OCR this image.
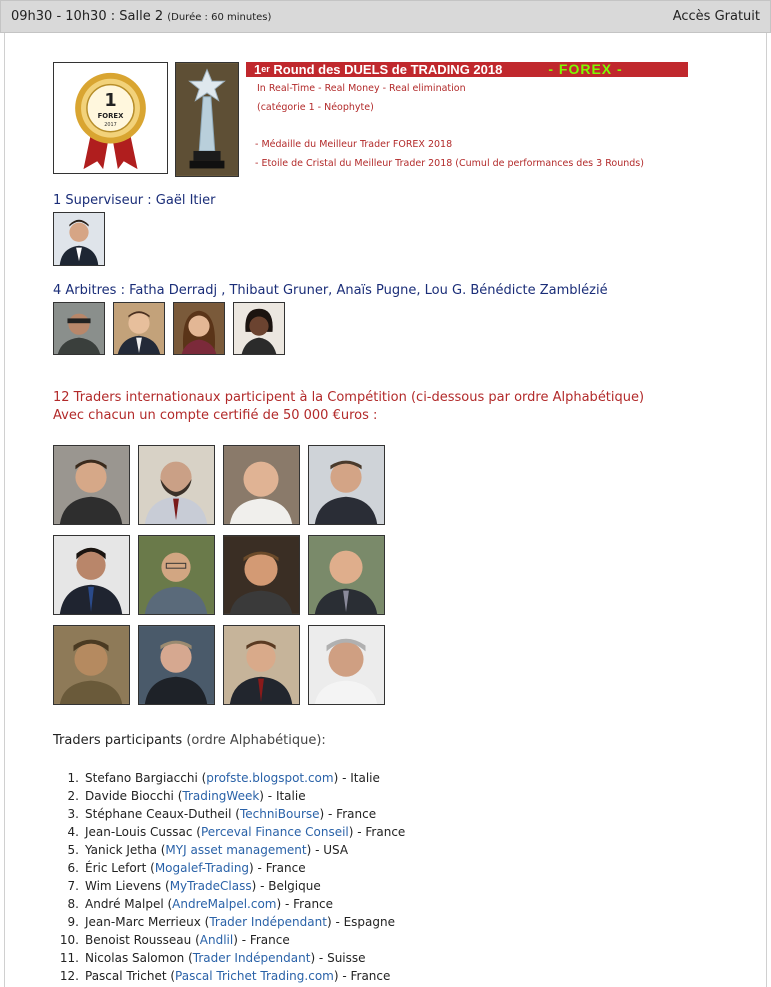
09h30 - 10h30 : Salle 2 (Durée : 60 minutes)	Accès Gratuit
1
FOREX
2017
1er Round des DUELS de TRADING 2018	- FOREX -
In Real-Time - Real Money - Real elimination
(catégorie 1 - Néophyte)
- Médaille du Meilleur Trader FOREX 2018
- Etoile de Cristal du Meilleur Trader 2018 (Cumul de performances des 3 Rounds)
1 Superviseur : Gaël Itier
4 Arbitres : Fatha Derradj , Thibaut Gruner, Anaïs Pugne, Lou G. Bénédicte Zamblézié
12 Traders internationaux participent à la Compétition (ci-dessous par ordre Alphabétique)
Avec chacun un compte certifié de 50 000 €uros :
Traders participants (ordre Alphabétique):
1. Stefano Bargiacchi (profste.blogspot.com) - Italie
2. Davide Biocchi (TradingWeek) - Italie
3. Stéphane Ceaux-Dutheil (TechniBourse) - France
4. Jean-Louis Cussac (Perceval Finance Conseil) - France
5. Yanick Jetha (MYJ asset management) - USA
6. Éric Lefort (Mogalef-Trading) - France
7. Wim Lievens (MyTradeClass) - Belgique
8. André Malpel (AndreMalpel.com) - France
9. Jean-Marc Merrieux (Trader Indépendant) - Espagne
10. Benoist Rousseau (Andlil) - France
11. Nicolas Salomon (Trader Indépendant) - Suisse
12. Pascal Trichet (Pascal Trichet Trading.com) - France
